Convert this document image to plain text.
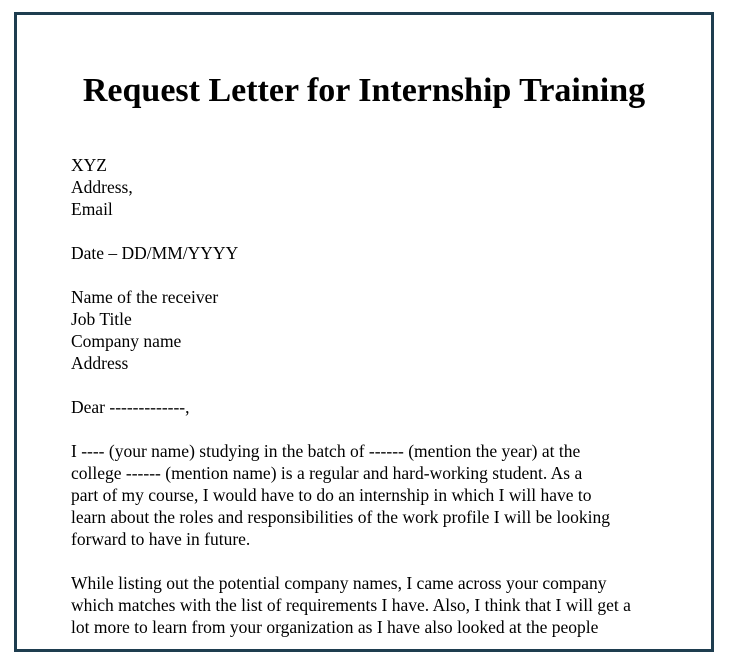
Request Letter for Internship Training
XYZ
Address,
Email
Date – DD/MM/YYYY
Name of the receiver
Job Title
Company name
Address
Dear -------------,
I ---- (your name) studying in the batch of ------ (mention the year) at the
college ------ (mention name) is a regular and hard-working student. As a
part of my course, I would have to do an internship in which I will have to
learn about the roles and responsibilities of the work profile I will be looking
forward to have in future.
While listing out the potential company names, I came across your company
which matches with the list of requirements I have. Also, I think that I will get a
lot more to learn from your organization as I have also looked at the people
